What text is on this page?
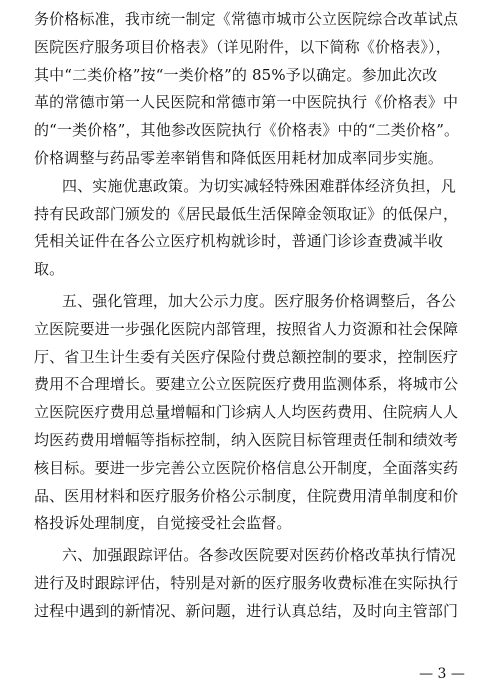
务价格标准，我市统一制定《常德市城市公立医院综合改革试点
医院医疗服务项目价格表》（详见附件，以下简称《价格表》），
其中“二类价格”按“一类价格”的 85%予以确定。参加此次改
革的常德市第一人民医院和常德市第一中医院执行《价格表》中
的“一类价格”，其他参改医院执行《价格表》中的“二类价格”。
价格调整与药品零差率销售和降低医用耗材加成率同步实施。
四、实施优惠政策。为切实减轻特殊困难群体经济负担，凡
持有民政部门颁发的《居民最低生活保障金领取证》的低保户，
凭相关证件在各公立医疗机构就诊时，普通门诊诊查费减半收
取。
五、强化管理，加大公示力度。医疗服务价格调整后，各公
立医院要进一步强化医院内部管理，按照省人力资源和社会保障
厅、省卫生计生委有关医疗保险付费总额控制的要求，控制医疗
费用不合理增长。要建立公立医院医疗费用监测体系，将城市公
立医院医疗费用总量增幅和门诊病人人均医药费用、住院病人人
均医药费用增幅等指标控制，纳入医院目标管理责任制和绩效考
核目标。要进一步完善公立医院价格信息公开制度，全面落实药
品、医用材料和医疗服务价格公示制度，住院费用清单制度和价
格投诉处理制度，自觉接受社会监督。
六、加强跟踪评估。各参改医院要对医药价格改革执行情况
进行及时跟踪评估，特别是对新的医疗服务收费标准在实际执行
过程中遇到的新情况、新问题，进行认真总结，及时向主管部门
— 3 —
